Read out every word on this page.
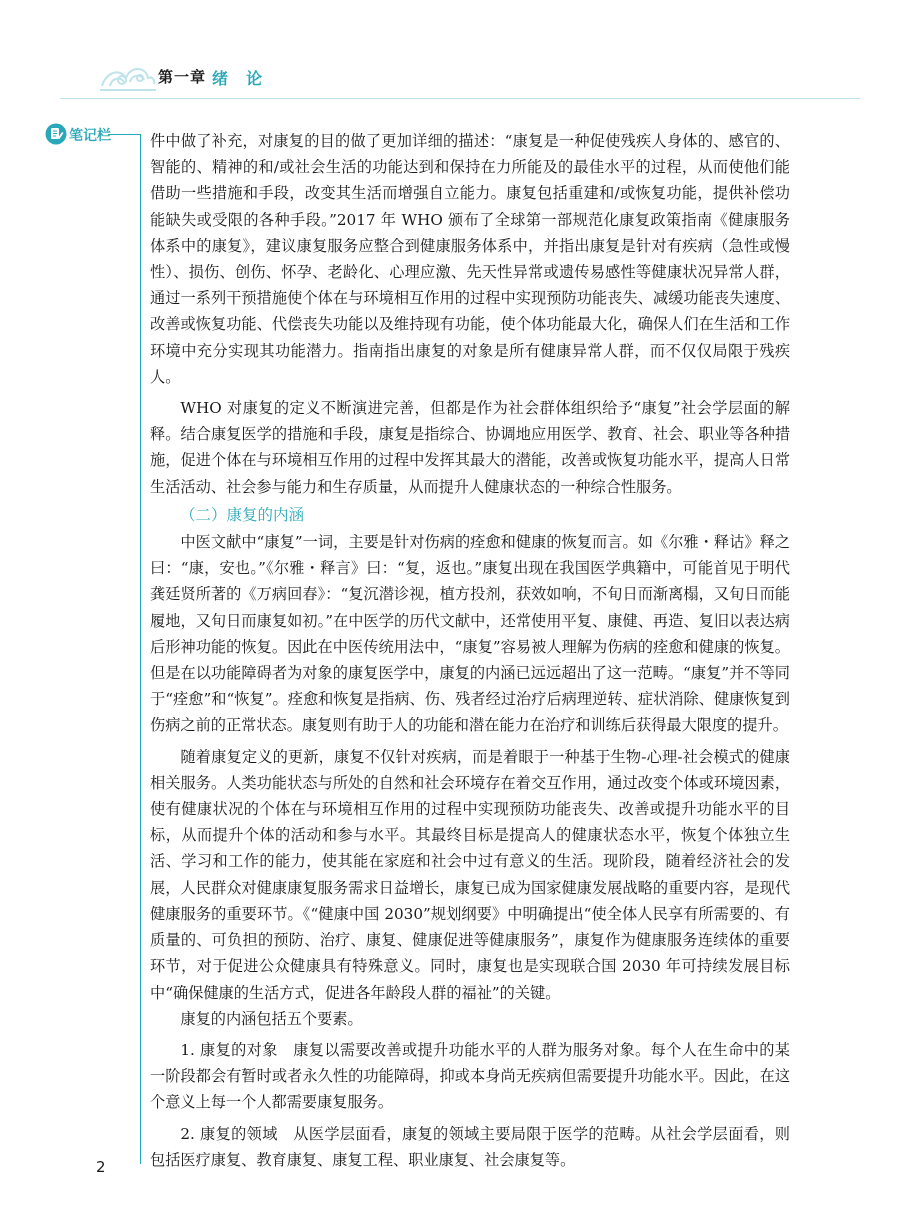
第一章 绪论
笔记栏	件中做了补充，对康复的目的做了更加详细的描述：“康复是一种促使残疾人身体的、感官的、智能的、精神的和/或社会生活的功能达到和保持在力所能及的最佳水平的过程，从而使他们能借助一些措施和手段，改变其生活而增强自立能力。康复包括重建和/或恢复功能，提供补偿功能缺失或受限的各种手段。”2017 年 WHO 颁布了全球第一部规范化康复政策指南《健康服务体系中的康复》，建议康复服务应整合到健康服务体系中，并指出康复是针对有疾病（急性或慢性）、损伤、创伤、怀孕、老龄化、心理应激、先天性异常或遗传易感性等健康状况异常人群，通过一系列干预措施使个体在与环境相互作用的过程中实现预防功能丧失、减缓功能丧失速度、改善或恢复功能、代偿丧失功能以及维持现有功能，使个体功能最大化，确保人们在生活和工作环境中充分实现其功能潜力。指南指出康复的对象是所有健康异常人群，而不仅仅局限于残疾人。

WHO 对康复的定义不断演进完善，但都是作为社会群体组织给予“康复”社会学层面的解释。结合康复医学的措施和手段，康复是指综合、协调地应用医学、教育、社会、职业等各种措施，促进个体在与环境相互作用的过程中发挥其最大的潜能，改善或恢复功能水平，提高人日常生活活动、社会参与能力和生存质量，从而提升人健康状态的一种综合性服务。

（二）康复的内涵

中医文献中“康复”一词，主要是针对伤病的痊愈和健康的恢复而言。如《尔雅・释诂》释之曰：“康，安也。”《尔雅・释言》曰：“复，返也。”康复出现在我国医学典籍中，可能首见于明代龚廷贤所著的《万病回春》：“复沉潜诊视，植方投剂，获效如响，不旬日而渐离榻，又旬日而能履地，又旬日而康复如初。”在中医学的历代文献中，还常使用平复、康健、再造、复旧以表达病后形神功能的恢复。因此在中医传统用法中，“康复”容易被人理解为伤病的痊愈和健康的恢复。但是在以功能障碍者为对象的康复医学中，康复的内涵已远远超出了这一范畴。“康复”并不等同于“痊愈”和“恢复”。痊愈和恢复是指病、伤、残者经过治疗后病理逆转、症状消除、健康恢复到伤病之前的正常状态。康复则有助于人的功能和潜在能力在治疗和训练后获得最大限度的提升。

随着康复定义的更新，康复不仅针对疾病，而是着眼于一种基于生物-心理-社会模式的健康相关服务。人类功能状态与所处的自然和社会环境存在着交互作用，通过改变个体或环境因素，使有健康状况的个体在与环境相互作用的过程中实现预防功能丧失、改善或提升功能水平的目标，从而提升个体的活动和参与水平。其最终目标是提高人的健康状态水平，恢复个体独立生活、学习和工作的能力，使其能在家庭和社会中过有意义的生活。现阶段，随着经济社会的发展，人民群众对健康康复服务需求日益增长，康复已成为国家健康发展战略的重要内容，是现代健康服务的重要环节。《“健康中国 2030”规划纲要》中明确提出“使全体人民享有所需要的、有质量的、可负担的预防、治疗、康复、健康促进等健康服务”，康复作为健康服务连续体的重要环节，对于促进公众健康具有特殊意义。同时，康复也是实现联合国 2030 年可持续发展目标中“确保健康的生活方式，促进各年龄段人群的福祉”的关键。

康复的内涵包括五个要素。

1. 康复的对象　康复以需要改善或提升功能水平的人群为服务对象。每个人在生命中的某一阶段都会有暂时或者永久性的功能障碍，抑或本身尚无疾病但需要提升功能水平。因此，在这个意义上每一个人都需要康复服务。

2. 康复的领域　从医学层面看，康复的领域主要局限于医学的范畴。从社会学层面看，则包括医疗康复、教育康复、康复工程、职业康复、社会康复等。

2
